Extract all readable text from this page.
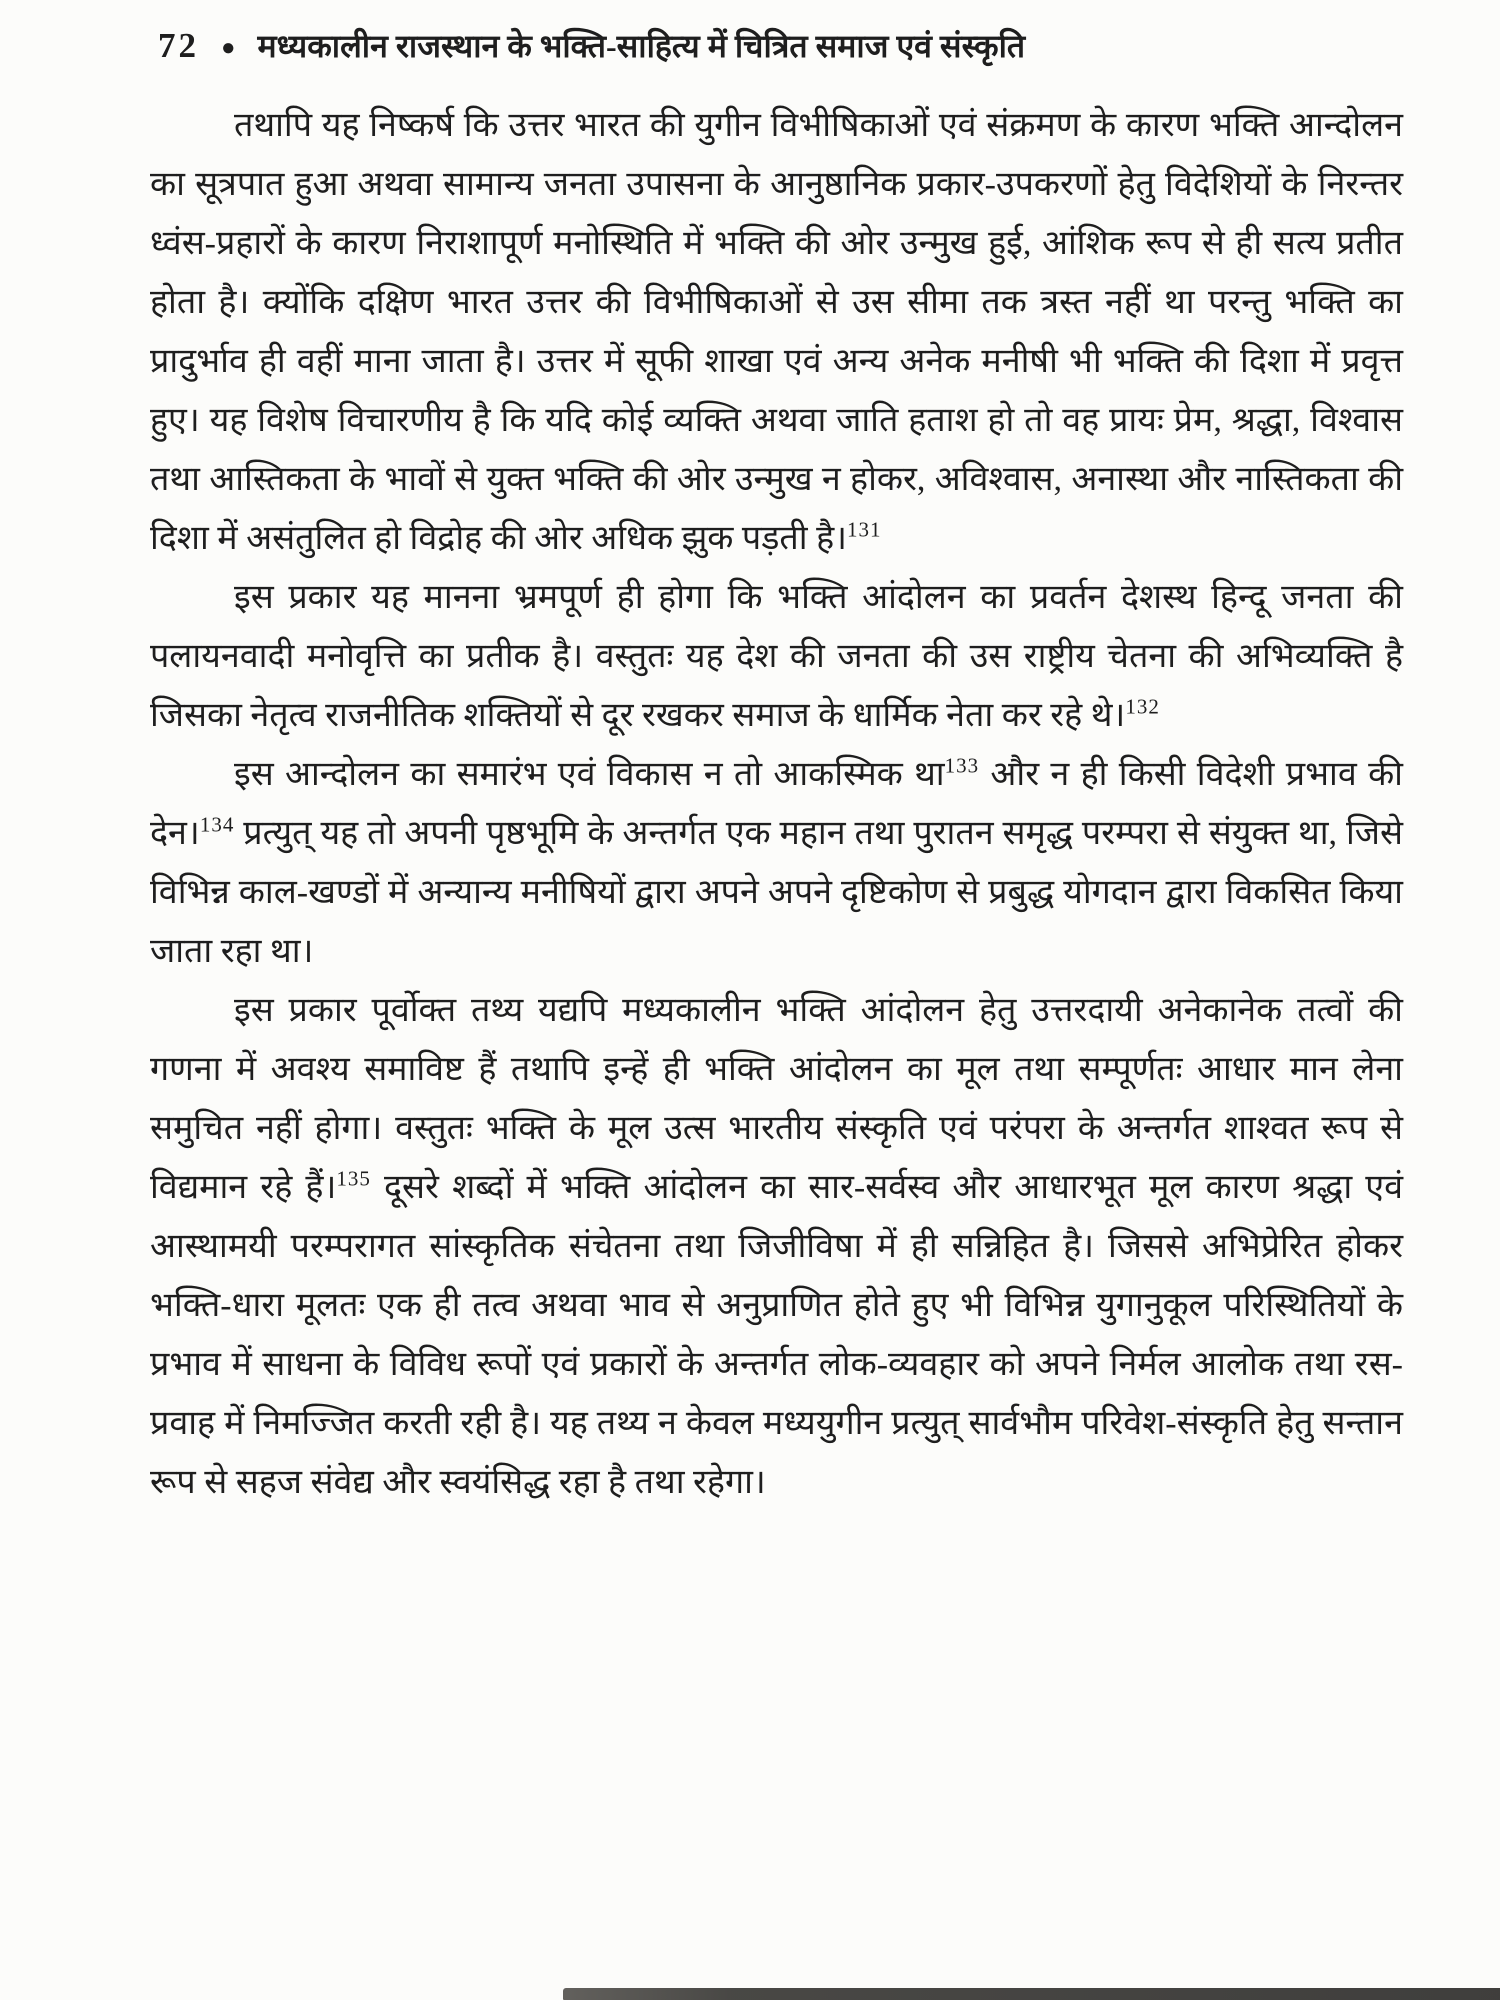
72 ● मध्यकालीन राजस्थान के भक्ति-साहित्य में चित्रित समाज एवं संस्कृति

तथापि यह निष्कर्ष कि उत्तर भारत की युगीन विभीषिकाओं एवं संक्रमण के कारण भक्ति आन्दोलन का सूत्रपात हुआ अथवा सामान्य जनता उपासना के आनुष्ठानिक प्रकार-उपकरणों हेतु विदेशियों के निरन्तर ध्वंस-प्रहारों के कारण निराशापूर्ण मनोस्थिति में भक्ति की ओर उन्मुख हुई, आंशिक रूप से ही सत्य प्रतीत होता है। क्योंकि दक्षिण भारत उत्तर की विभीषिकाओं से उस सीमा तक त्रस्त नहीं था परन्तु भक्ति का प्रादुर्भाव ही वहीं माना जाता है। उत्तर में सूफी शाखा एवं अन्य अनेक मनीषी भी भक्ति की दिशा में प्रवृत्त हुए। यह विशेष विचारणीय है कि यदि कोई व्यक्ति अथवा जाति हताश हो तो वह प्रायः प्रेम, श्रद्धा, विश्वास तथा आस्तिकता के भावों से युक्त भक्ति की ओर उन्मुख न होकर, अविश्वास, अनास्था और नास्तिकता की दिशा में असंतुलित हो विद्रोह की ओर अधिक झुक पड़ती है।$^{131}$

इस प्रकार यह मानना भ्रमपूर्ण ही होगा कि भक्ति आंदोलन का प्रवर्तन देशस्थ हिन्दू जनता की पलायनवादी मनोवृत्ति का प्रतीक है। वस्तुतः यह देश की जनता की उस राष्ट्रीय चेतना की अभिव्यक्ति है जिसका नेतृत्व राजनीतिक शक्तियों से दूर रखकर समाज के धार्मिक नेता कर रहे थे।$^{132}$

इस आन्दोलन का समारंभ एवं विकास न तो आकस्मिक था$^{133}$ और न ही किसी विदेशी प्रभाव की देन।$^{134}$ प्रत्युत् यह तो अपनी पृष्ठभूमि के अन्तर्गत एक महान तथा पुरातन समृद्ध परम्परा से संयुक्त था, जिसे विभिन्न काल-खण्डों में अन्यान्य मनीषियों द्वारा अपने अपने दृष्टिकोण से प्रबुद्ध योगदान द्वारा विकसित किया जाता रहा था।

इस प्रकार पूर्वोक्त तथ्य यद्यपि मध्यकालीन भक्ति आंदोलन हेतु उत्तरदायी अनेकानेक तत्वों की गणना में अवश्य समाविष्ट हैं तथापि इन्हें ही भक्ति आंदोलन का मूल तथा सम्पूर्णतः आधार मान लेना समुचित नहीं होगा। वस्तुतः भक्ति के मूल उत्स भारतीय संस्कृति एवं परंपरा के अन्तर्गत शाश्वत रूप से विद्यमान रहे हैं।$^{135}$ दूसरे शब्दों में भक्ति आंदोलन का सार-सर्वस्व और आधारभूत मूल कारण श्रद्धा एवं आस्थामयी परम्परागत सांस्कृतिक संचेतना तथा जिजीविषा में ही सन्निहित है। जिससे अभिप्रेरित होकर भक्ति-धारा मूलतः एक ही तत्व अथवा भाव से अनुप्राणित होते हुए भी विभिन्न युगानुकूल परिस्थितियों के प्रभाव में साधना के विविध रूपों एवं प्रकारों के अन्तर्गत लोक-व्यवहार को अपने निर्मल आलोक तथा रस-प्रवाह में निमज्जित करती रही है। यह तथ्य न केवल मध्ययुगीन प्रत्युत् सार्वभौम परिवेश-संस्कृति हेतु सन्तान रूप से सहज संवेद्य और स्वयंसिद्ध रहा है तथा रहेगा।
